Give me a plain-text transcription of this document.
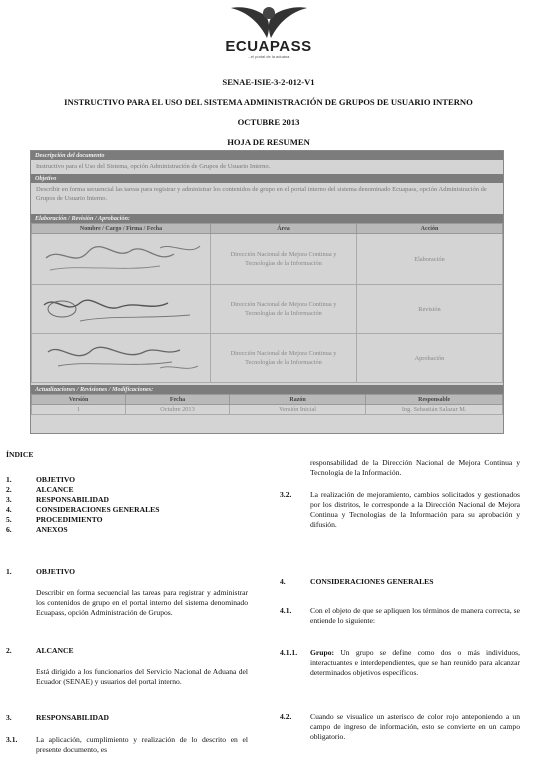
ECUAPASS
...el portal de la aduana
SENAE-ISIE-3-2-012-V1
INSTRUCTIVO PARA EL USO DEL SISTEMA ADMINISTRACIÓN DE GRUPOS DE USUARIO INTERNO
OCTUBRE 2013
HOJA DE RESUMEN
Descripción del documento
Instructivo para el Uso del Sistema, opción Administración de Grupos de Usuario Interno.
Objetivo
Describir en forma secuencial las tareas para registrar y administrar los contenidos de grupo en el portal interno del sistema denominado Ecuapass, opción Administración de Grupos de Usuario Interno.
Elaboración / Revisión / Aprobación:
Nombre / Cargo / Firma / Fecha	Área	Acción

	Dirección Nacional de Mejora Continua y Tecnologías de la Información	Elaboración

	Dirección Nacional de Mejora Continua y Tecnologías de la Información	Revisión

	Dirección Nacional de Mejora Continua y Tecnologías de la Información	Aprobación
Actualizaciones / Revisiones / Modificaciones:
Versión	Fecha	Razón	Responsable
1	Octubre 2013	Versión Inicial	Ing. Sebastián Salazar M.
ÍNDICE
1.	OBJETIVO
2.	ALCANCE
3.	RESPONSABILIDAD
4.	CONSIDERACIONES GENERALES
5.	PROCEDIMIENTO
6.	ANEXOS
1.	OBJETIVO
Describir en forma secuencial las tareas para registrar y administrar los contenidos de grupo en el portal interno del sistema denominado Ecuapass, opción Administración de Grupos.
2.	ALCANCE
Está dirigido a los funcionarios del Servicio Nacional de Aduana del Ecuador (SENAE) y usuarios del portal interno.
3.	RESPONSABILIDAD
3.1.	La aplicación, cumplimiento y realización de lo descrito en el presente documento, es
responsabilidad de la Dirección Nacional de Mejora Continua y Tecnología de la Información.
3.2.	La realización de mejoramiento, cambios solicitados y gestionados por los distritos, le corresponde a la Dirección Nacional de Mejora Continua y Tecnologías de la Información para su aprobación y difusión.
4.	CONSIDERACIONES GENERALES
4.1.	Con el objeto de que se apliquen los términos de manera correcta, se entiende lo siguiente:
4.1.1.	Grupo: Un grupo se define como dos o más individuos, interactuantes e interdependientes, que se han reunido para alcanzar determinados objetivos específicos.
4.2.	Cuando se visualice un asterisco de color rojo anteponiendo a un campo de ingreso de información, esto se convierte en un campo obligatorio.
